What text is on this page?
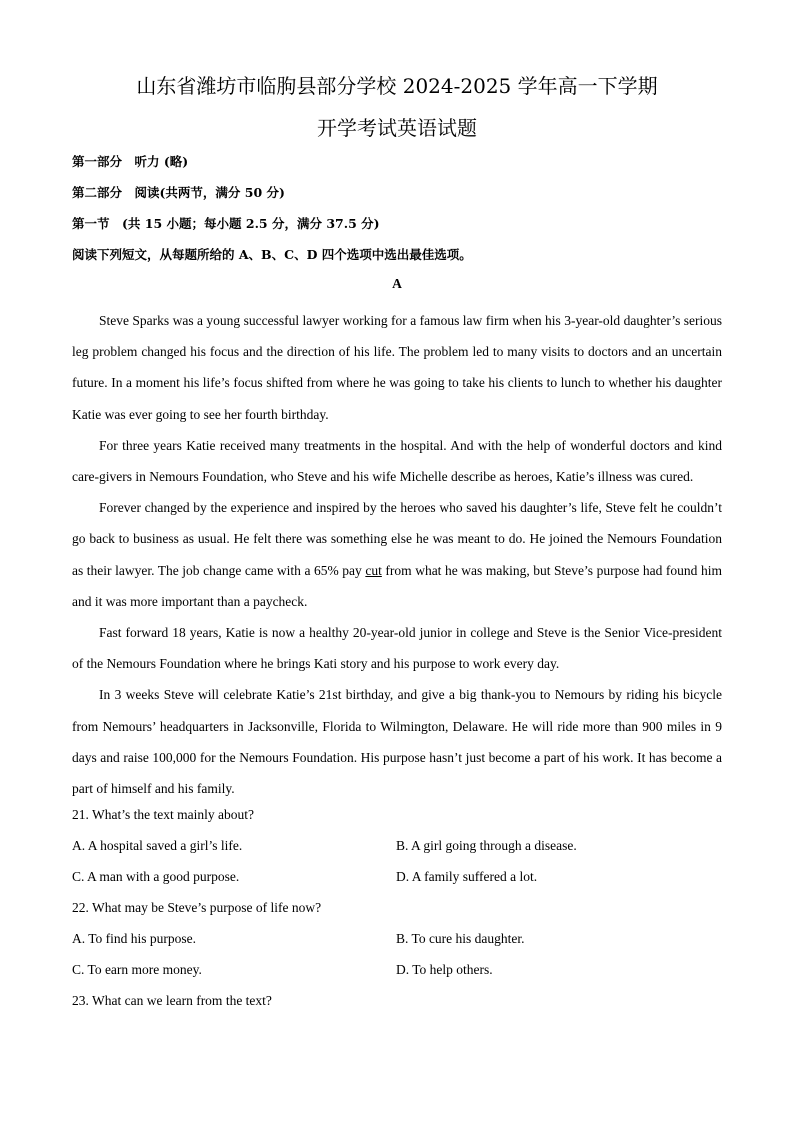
山东省潍坊市临朐县部分学校 2024-2025 学年高一下学期
开学考试英语试题
第一部分　听力 (略)
第二部分　阅读(共两节，满分 50 分)
第一节　(共 15 小题；每小题 2.5 分，满分 37.5 分)
阅读下列短文，从每题所给的 A、B、C、D 四个选项中选出最佳选项。
A

Steve Sparks was a young successful lawyer working for a famous law firm when his 3-year-old daughter’s serious leg problem changed his focus and the direction of his life. The problem led to many visits to doctors and an uncertain future. In a moment his life’s focus shifted from where he was going to take his clients to lunch to whether his daughter Katie was ever going to see her fourth birthday.

For three years Katie received many treatments in the hospital. And with the help of wonderful doctors and kind care-givers in Nemours Foundation, who Steve and his wife Michelle describe as heroes, Katie’s illness was cured.

Forever changed by the experience and inspired by the heroes who saved his daughter’s life, Steve felt he couldn’t go back to business as usual. He felt there was something else he was meant to do. He joined the Nemours Foundation as their lawyer. The job change came with a 65% pay cut from what he was making, but Steve’s purpose had found him and it was more important than a paycheck.

Fast forward 18 years, Katie is now a healthy 20-year-old junior in college and Steve is the Senior Vice-president of the Nemours Foundation where he brings Kati story and his purpose to work every day.

In 3 weeks Steve will celebrate Katie’s 21st birthday, and give a big thank-you to Nemours by riding his bicycle from Nemours’ headquarters in Jacksonville, Florida to Wilmington, Delaware. He will ride more than 900 miles in 9 days and raise 100,000 for the Nemours Foundation. His purpose hasn’t just become a part of his work. It has become a part of himself and his family.

21. What’s the text mainly about?
A. A hospital saved a girl’s life.	B. A girl going through a disease.
C. A man with a good purpose.	D. A family suffered a lot.
22. What may be Steve’s purpose of life now?
A. To find his purpose.	B. To cure his daughter.
C. To earn more money.	D. To help others.
23. What can we learn from the text?
